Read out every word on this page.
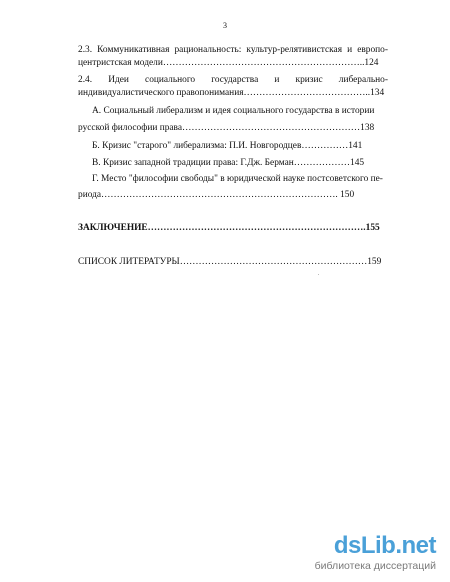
3
2.3. Коммуникативная рациональность: культур-релятивистская и европо-
центристская модели………………………………………………………..124
2.4. Идеи социального государства и кризис либерально-
индивидуалистического правопонимания…………………………………..134
А. Социальный либерализм и идея социального государства в истории
русской философии права…………………………………………………138
Б. Кризис "старого" либерализма: П.И. Новгородцев……………141
В. Кризис западной традиции права: Г.Дж. Берман………………145
Г. Место "философии свободы" в юридической науке постсоветского пе-
риода…………………………………………………………………. 150
ЗАКЛЮЧЕНИЕ…………………………………………………………….155
СПИСОК ЛИТЕРАТУРЫ……………………………………………………159
dsLib.net
библиотека диссертаций
